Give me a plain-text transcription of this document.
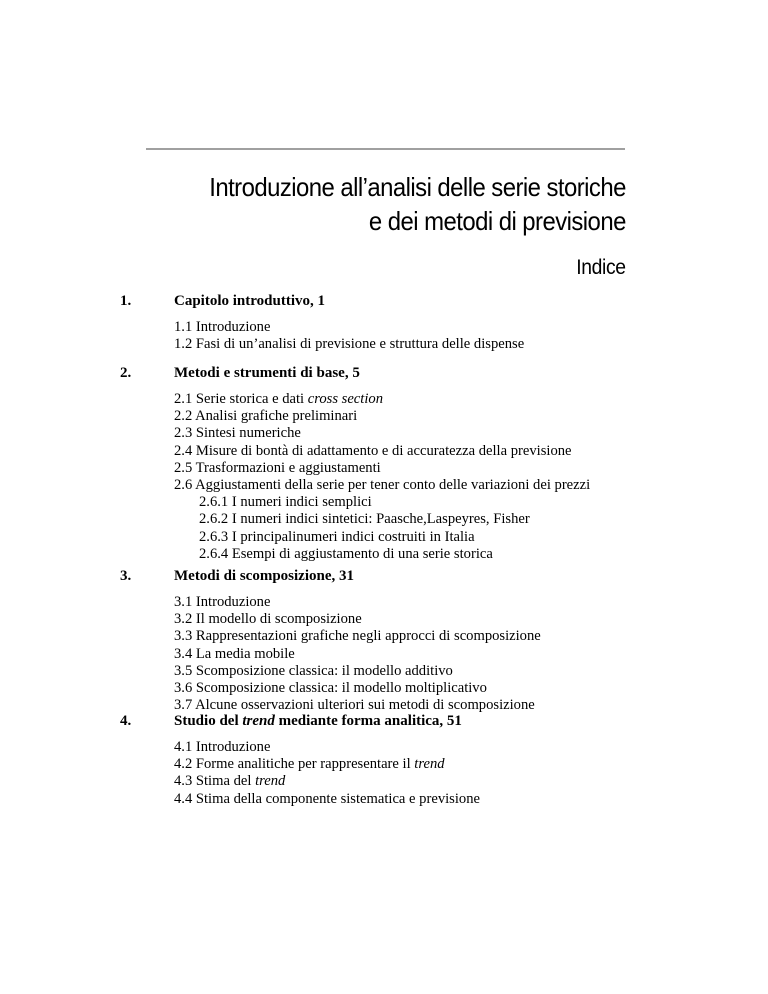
Introduzione all’analisi delle serie storiche
e dei metodi di previsione
Indice
1.	Capitolo introduttivo, 1
1.1 Introduzione
1.2 Fasi di un’analisi di previsione e struttura delle dispense
2.	Metodi e strumenti di base, 5
2.1 Serie storica e dati cross section
2.2 Analisi grafiche preliminari
2.3 Sintesi numeriche
2.4 Misure di bontà di adattamento e di accuratezza della previsione
2.5 Trasformazioni e aggiustamenti
2.6 Aggiustamenti della serie per tener conto delle variazioni dei prezzi
2.6.1 I numeri indici semplici
2.6.2 I numeri indici sintetici: Paasche,Laspeyres, Fisher
2.6.3 I principalinumeri indici costruiti in Italia
2.6.4 Esempi di aggiustamento di una serie storica
3.	Metodi di scomposizione, 31
3.1 Introduzione
3.2 Il modello di scomposizione
3.3 Rappresentazioni grafiche negli approcci di scomposizione
3.4 La media mobile
3.5 Scomposizione classica: il modello additivo
3.6 Scomposizione classica: il modello moltiplicativo
3.7 Alcune osservazioni ulteriori sui metodi di scomposizione
4.	Studio del trend mediante forma analitica, 51
4.1 Introduzione
4.2 Forme analitiche per rappresentare il trend
4.3 Stima del trend
4.4 Stima della componente sistematica e previsione
